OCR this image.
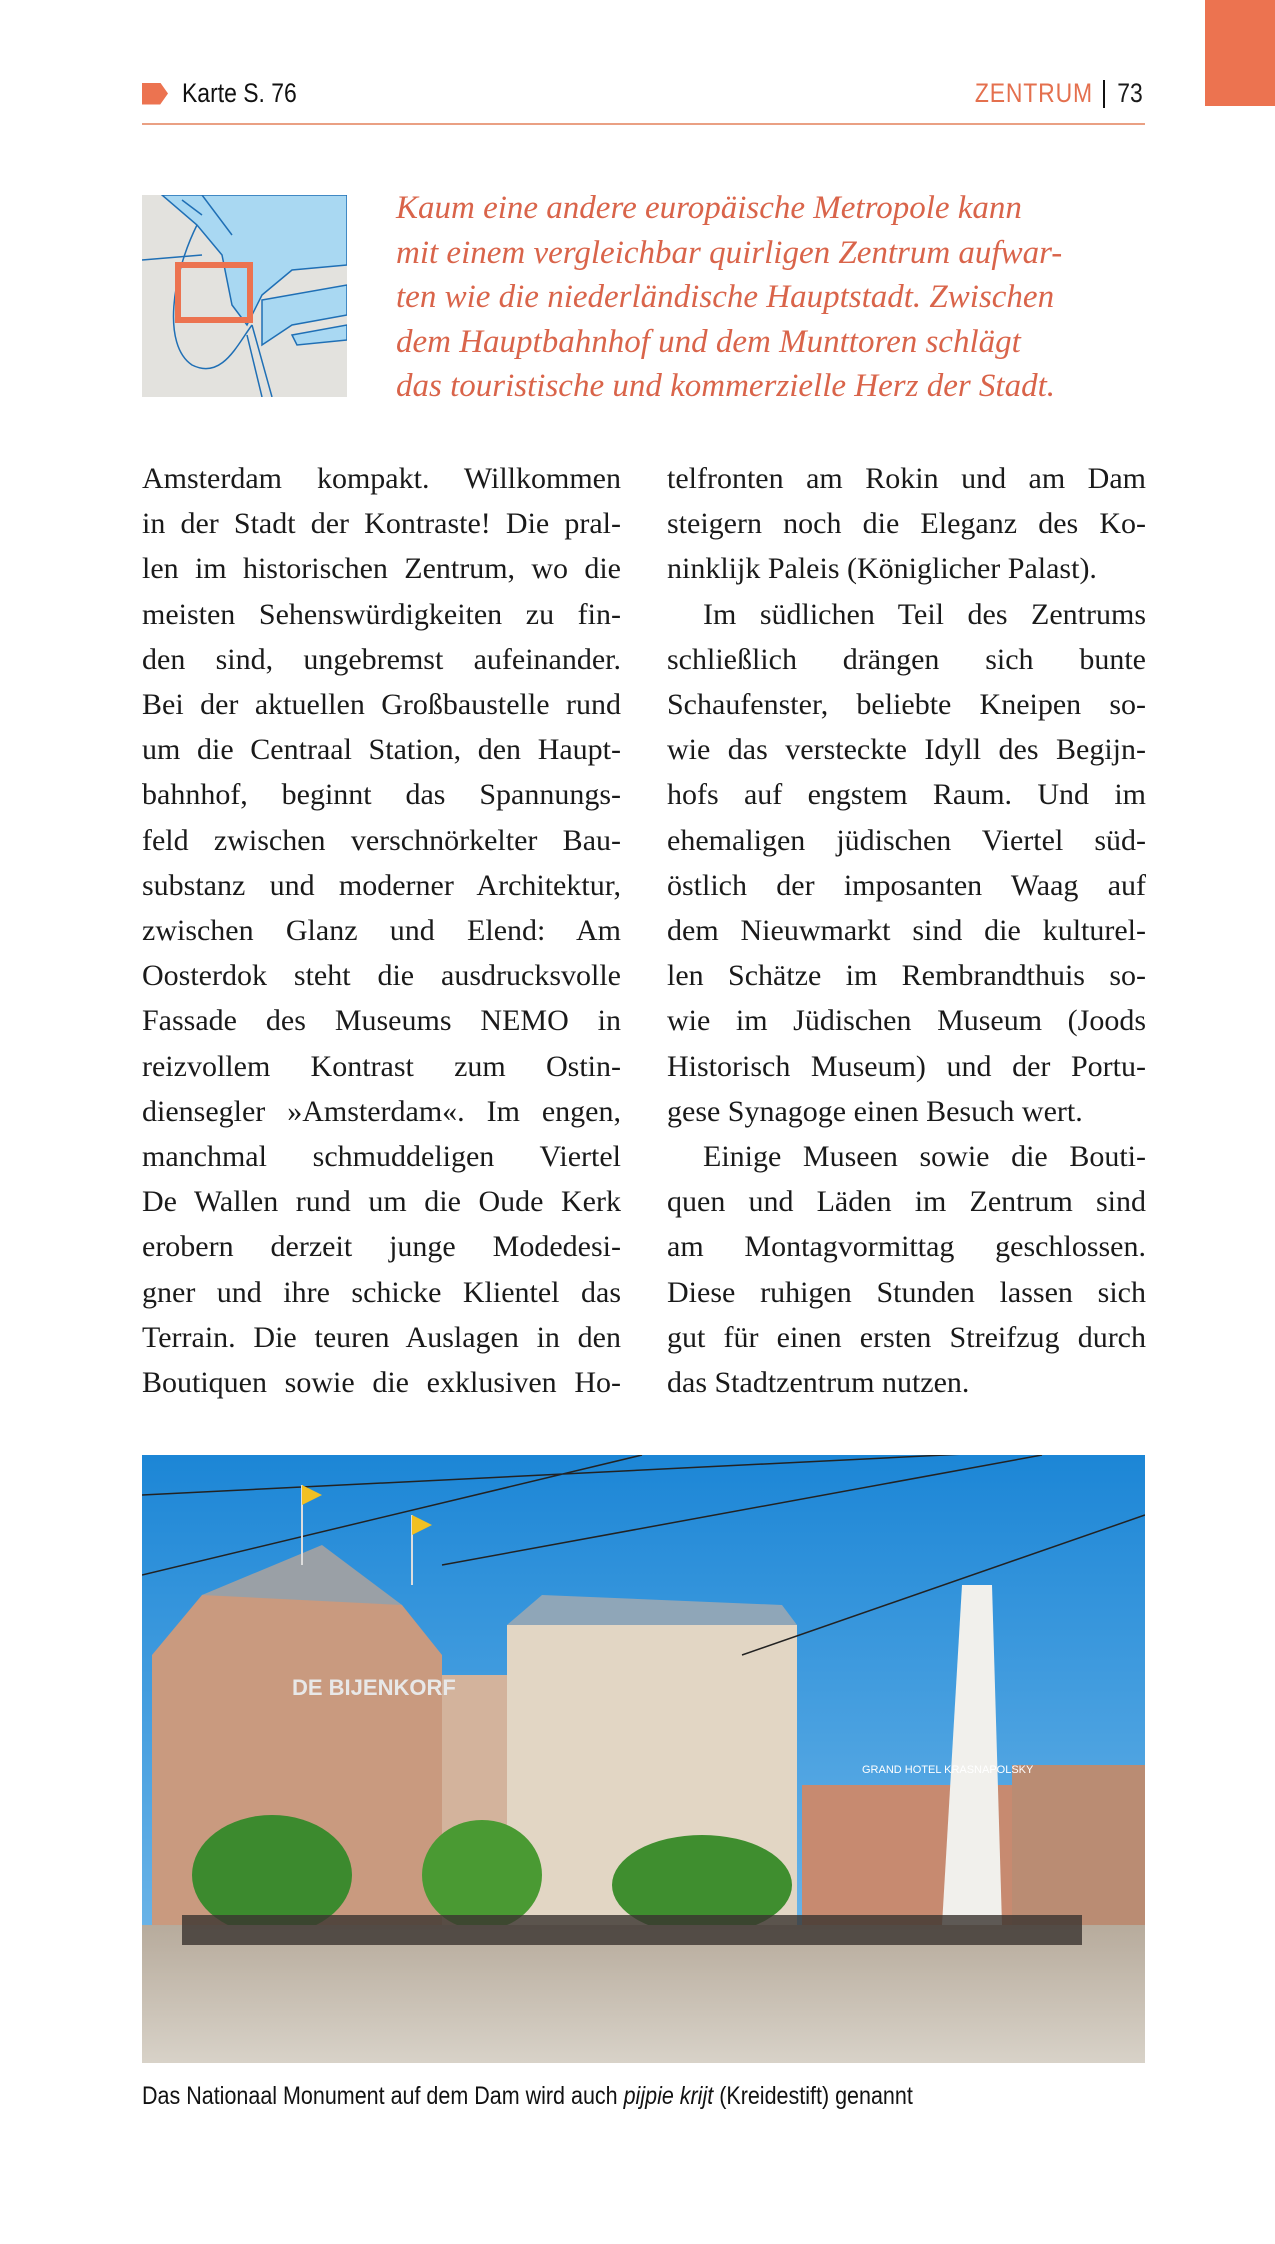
Karte S. 76	ZENTRUM 73
Kaum eine andere europäische Metropole kann
mit einem vergleichbar quirligen Zentrum aufwar-
ten wie die niederländische Hauptstadt. Zwischen
dem Hauptbahnhof und dem Munttoren schlägt
das touristische und kommerzielle Herz der Stadt.
Amsterdam kompakt. Willkommen
in der Stadt der Kontraste! Die pral-
len im historischen Zentrum, wo die
meisten Sehenswürdigkeiten zu fin-
den sind, ungebremst aufeinander.
Bei der aktuellen Großbaustelle rund
um die Centraal Station, den Haupt-
bahnhof, beginnt das Spannungs-
feld zwischen verschnörkelter Bau-
substanz und moderner Architektur,
zwischen Glanz und Elend: Am
Oosterdok steht die ausdrucksvolle
Fassade des Museums NEMO in
reizvollem Kontrast zum Ostin-
diensegler »Amsterdam«. Im engen,
manchmal schmuddeligen Viertel
De Wallen rund um die Oude Kerk
erobern derzeit junge Modedesi-
gner und ihre schicke Klientel das
Terrain. Die teuren Auslagen in den
Boutiquen sowie die exklusiven Ho-
telfronten am Rokin und am Dam
steigern noch die Eleganz des Ko-
ninklijk Paleis (Königlicher Palast).
Im südlichen Teil des Zentrums
schließlich drängen sich bunte
Schaufenster, beliebte Kneipen so-
wie das versteckte Idyll des Begijn-
hofs auf engstem Raum. Und im
ehemaligen jüdischen Viertel süd-
östlich der imposanten Waag auf
dem Nieuwmarkt sind die kulturel-
len Schätze im Rembrandthuis so-
wie im Jüdischen Museum (Joods
Historisch Museum) und der Portu-
gese Synagoge einen Besuch wert.
Einige Museen sowie die Bouti-
quen und Läden im Zentrum sind
am Montagvormittag geschlossen.
Diese ruhigen Stunden lassen sich
gut für einen ersten Streifzug durch
das Stadtzentrum nutzen.
DE BIJENKORF
GRAND HOTEL KRASNAPOLSKY
Das Nationaal Monument auf dem Dam wird auch pijpie krijt (Kreidestift) genannt
